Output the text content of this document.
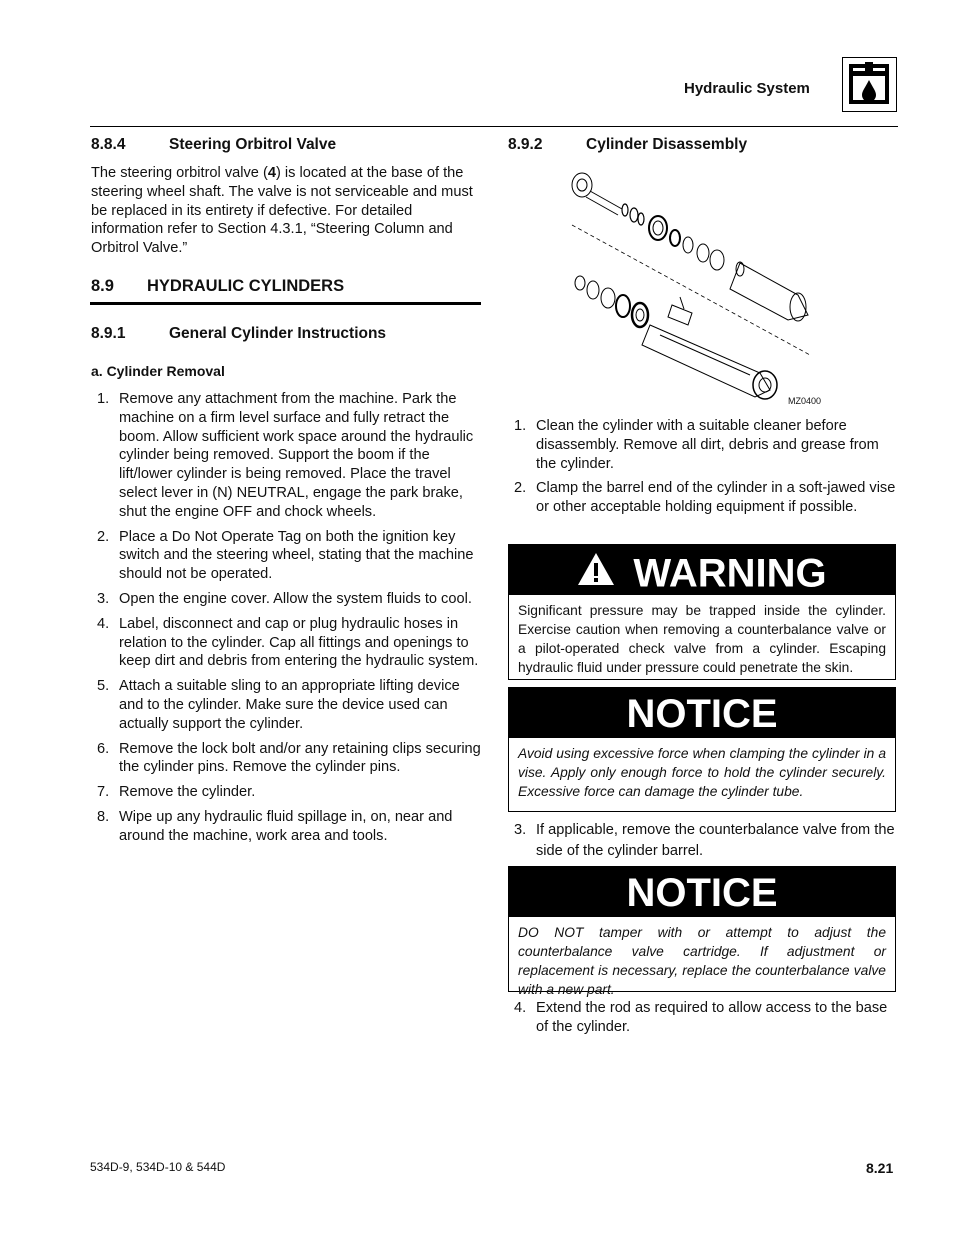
Hydraulic System
8.8.4	Steering Orbitrol Valve
The steering orbitrol valve (4) is located at the base of the steering wheel shaft. The valve is not serviceable and must be replaced in its entirety if defective. For detailed information refer to Section 4.3.1, “Steering Column and Orbitrol Valve.”
8.9 HYDRAULIC CYLINDERS
8.9.1	General Cylinder Instructions
a. Cylinder Removal
1. Remove any attachment from the machine. Park the machine on a firm level surface and fully retract the boom. Allow sufficient work space around the hydraulic cylinder being removed. Support the boom if the lift/lower cylinder is being removed. Place the travel select lever in (N) NEUTRAL, engage the park brake, shut the engine OFF and chock wheels.
2. Place a Do Not Operate Tag on both the ignition key switch and the steering wheel, stating that the machine should not be operated.
3. Open the engine cover. Allow the system fluids to cool.
4. Label, disconnect and cap or plug hydraulic hoses in relation to the cylinder. Cap all fittings and openings to keep dirt and debris from entering the hydraulic system.
5. Attach a suitable sling to an appropriate lifting device and to the cylinder. Make sure the device used can actually support the cylinder.
6. Remove the lock bolt and/or any retaining clips securing the cylinder pins. Remove the cylinder pins.
7. Remove the cylinder.
8. Wipe up any hydraulic fluid spillage in, on, near and around the machine, work area and tools.
8.9.2	Cylinder Disassembly
MZ0400
1. Clean the cylinder with a suitable cleaner before disassembly. Remove all dirt, debris and grease from the cylinder.
2. Clamp the barrel end of the cylinder in a soft-jawed vise or other acceptable holding equipment if possible.
WARNING
Significant pressure may be trapped inside the cylinder. Exercise caution when removing a counterbalance valve or a pilot-operated check valve from a cylinder. Escaping hydraulic fluid under pressure could penetrate the skin.
NOTICE
Avoid using excessive force when clamping the cylinder in a vise. Apply only enough force to hold the cylinder securely. Excessive force can damage the cylinder tube.
3. If applicable, remove the counterbalance valve from the side of the cylinder barrel.
NOTICE
DO NOT tamper with or attempt to adjust the counterbalance valve cartridge. If adjustment or replacement is necessary, replace the counterbalance valve with a new part.
4. Extend the rod as required to allow access to the base of the cylinder.
534D-9, 534D-10 & 544D	8.21
